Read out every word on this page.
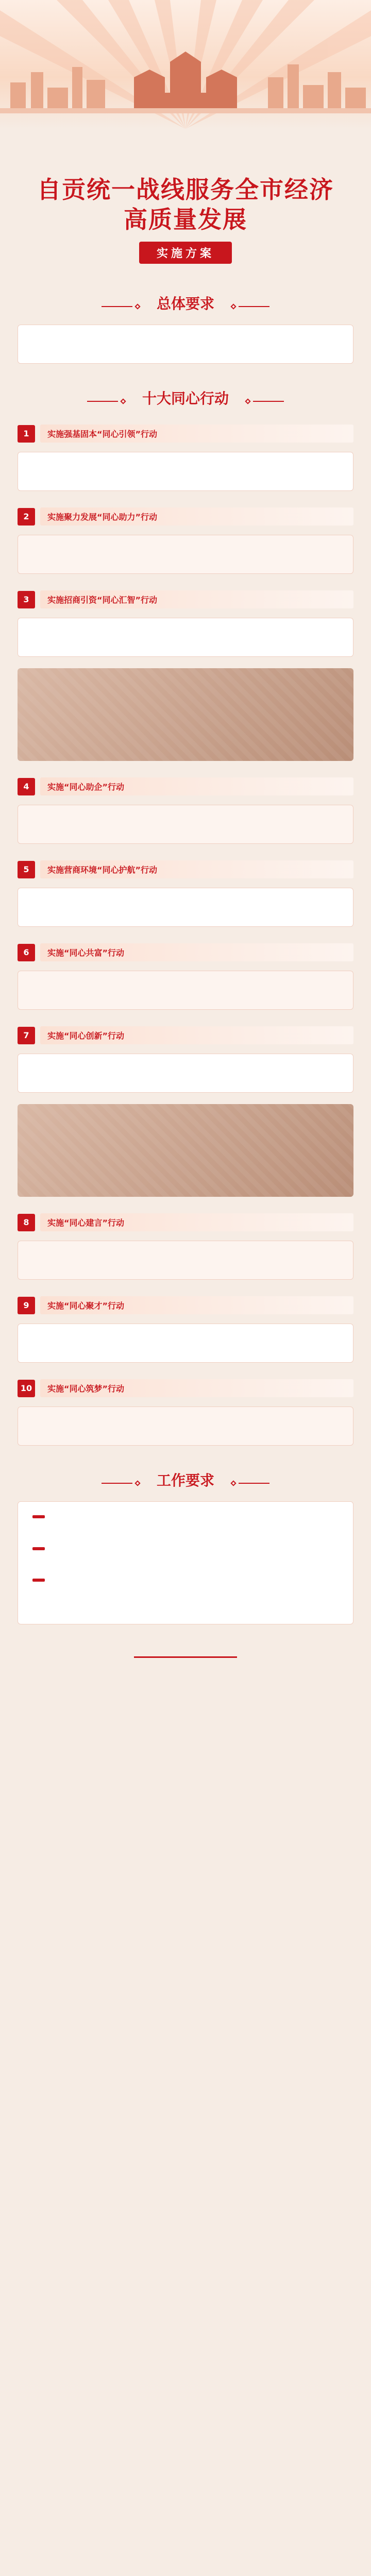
自贡统一战线服务全市经济
高质量发展
实施方案
总体要求

十大同心行动
1	实施强基固本“同心引领”行动

2	实施聚力发展“同心助力”行动

3	实施招商引资“同心汇智”行动

4	实施“同心助企”行动

5	实施营商环境“同心护航”行动

6	实施“同心共富”行动

7	实施“同心创新”行动

8	实施“同心建言”行动

9	实施“同心聚才”行动

10	实施“同心筑梦”行动

工作要求
